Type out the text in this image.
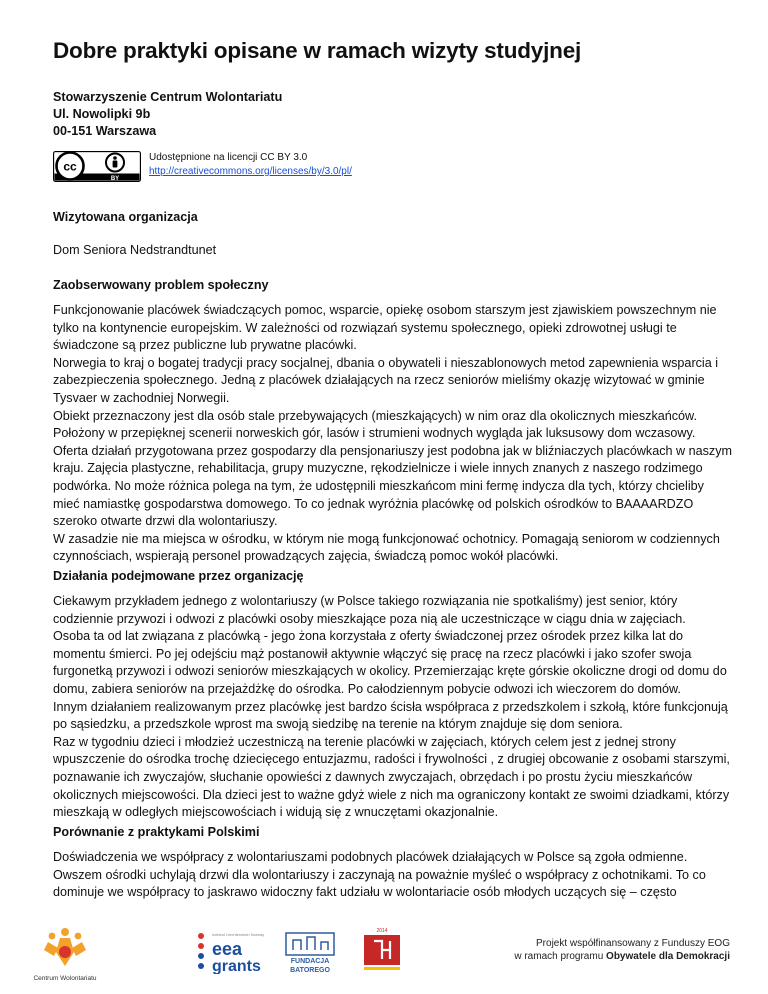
Dobre praktyki opisane w ramach wizyty studyjnej
Stowarzyszenie Centrum Wolontariatu
Ul. Nowolipki 9b
00-151 Warszawa
cc
BY
Udostępnione na licencji CC BY 3.0
http://creativecommons.org/licenses/by/3.0/pl/
Wizytowana organizacja
Dom Seniora Nedstrandtunet
Zaobserwowany problem społeczny
Funkcjonowanie placówek świadczących pomoc, wsparcie, opiekę osobom starszym jest zjawiskiem powszechnym nie
tylko na kontynencie europejskim. W zależności od rozwiązań systemu społecznego, opieki zdrowotnej usługi te
świadczone są przez publiczne lub prywatne placówki.
Norwegia to kraj o bogatej tradycji pracy socjalnej, dbania o obywateli i nieszablonowych metod zapewnienia wsparcia i
zabezpieczenia społecznego. Jedną z placówek działających na rzecz seniorów mieliśmy okazję wizytować w gminie
Tysvaer w zachodniej Norwegii.
Obiekt przeznaczony jest dla osób stale przebywających (mieszkających) w nim oraz dla okolicznych mieszkańców.
Położony w przepięknej scenerii norweskich gór, lasów i strumieni wodnych wygląda jak luksusowy dom wczasowy.
Oferta działań przygotowana przez gospodarzy dla pensjonariuszy jest podobna jak w bliźniaczych placówkach w naszym
kraju. Zajęcia plastyczne, rehabilitacja, grupy muzyczne, rękodzielnicze i wiele innych znanych z naszego rodzimego
podwórka. No może różnica polega na tym, że udostępnili mieszkańcom mini fermę indycza dla tych, którzy chcieliby
mieć namiastkę gospodarstwa domowego. To co jednak wyróżnia placówkę od polskich ośrodków to BAAAARDZO
szeroko otwarte drzwi dla wolontariuszy.
W zasadzie nie ma miejsca w ośrodku, w którym nie mogą funkcjonować ochotnicy. Pomagają seniorom w codziennych
czynnościach, wspierają personel prowadzących zajęcia, świadczą pomoc wokół placówki.
Działania podejmowane przez organizację
Ciekawym przykładem jednego z wolontariuszy (w Polsce takiego rozwiązania nie spotkaliśmy) jest senior, który
codziennie przywozi i odwozi z placówki osoby mieszkające poza nią ale uczestniczące w ciągu dnia w zajęciach.
Osoba ta od lat związana z placówką - jego żona korzystała z oferty świadczonej przez ośrodek przez kilka lat do
momentu śmierci. Po jej odejściu mąż postanowił aktywnie włączyć się pracę na rzecz placówki i jako szofer swoja
furgonetką przywozi i odwozi seniorów mieszkających w okolicy. Przemierzając kręte górskie okoliczne drogi od domu do
domu, zabiera seniorów na przejażdżkę do ośrodka. Po całodziennym pobycie odwozi ich wieczorem do domów.
Innym działaniem realizowanym przez placówkę jest bardzo ścisła współpraca z przedszkolem i szkołą, które funkcjonują
po sąsiedzku, a przedszkole wprost ma swoją siedzibę na terenie na którym znajduje się dom seniora.
Raz w tygodniu dzieci i młodzież uczestniczą na terenie placówki w zajęciach, których celem jest z jednej strony
wpuszczenie do ośrodka trochę dziecięcego entuzjazmu, radości i frywolności , z drugiej obcowanie z osobami starszymi,
poznawanie ich zwyczajów, słuchanie opowieści z dawnych zwyczajach, obrzędach i po prostu życiu mieszkańców
okolicznych miejscowości. Dla dzieci jest to ważne gdyż wiele z nich ma ograniczony kontakt ze swoimi dziadkami, którzy
mieszkają w odległych miejscowościach i widują się z wnuczętami okazjonalnie.
Porównanie z praktykami Polskimi
Doświadczenia we współpracy z wolontariuszami podobnych placówek działających w Polsce są zgoła odmienne.
Owszem ośrodki uchylają drzwi dla wolontariuszy i zaczynają na poważnie myśleć o współpracy z ochotnikami. To co
dominuje we współpracy to jaskrawo widoczny fakt udziału w wolontariacie osób młodych uczących się – często
Centrum Wolontariatu
Iceland Liechtenstein Norway
eea
grants	FUNDACJA
BATOREGO
2014
Projekt współfinansowany z Funduszy EOG
w ramach programu Obywatele dla Demokracji
